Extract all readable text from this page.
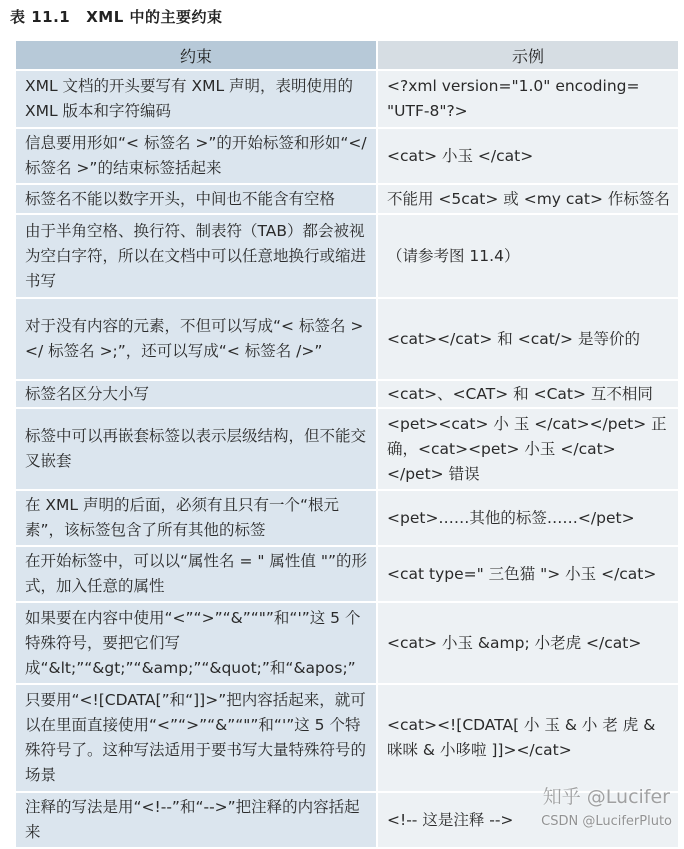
表 11.1 XML 中的主要约束
约束	示例
XML 文档的开头要写有 XML 声明，表明使用的 XML 版本和字符编码	<?xml version="1.0" encoding= "UTF-8"?>
信息要用形如“< 标签名 >”的开始标签和形如“</ 标签名 >”的结束标签括起来	<cat> 小玉 </cat>
标签名不能以数字开头，中间也不能含有空格	不能用 <5cat> 或 <my cat> 作标签名
由于半角空格、换行符、制表符（TAB）都会被视为空白字符，所以在文档中可以任意地换行或缩进书写	（请参考图 11.4）
对于没有内容的元素，不但可以写成“< 标签名 ></ 标签名 >;”，还可以写成“< 标签名 />”	<cat></cat> 和 <cat/> 是等价的
标签名区分大小写	<cat>、<CAT> 和 <Cat> 互不相同
标签中可以再嵌套标签以表示层级结构，但不能交叉嵌套	<pet><cat> 小 玉 </cat></pet> 正确，<cat><pet> 小玉 </cat></pet> 错误
在 XML 声明的后面，必须有且只有一个“根元素”，该标签包含了所有其他的标签	<pet>……其他的标签……</pet>
在开始标签中，可以以“属性名 = " 属性值 "”的形式，加入任意的属性	<cat type=" 三色猫 "> 小玉 </cat>
如果要在内容中使用“<”“>”“&”“"”和“'”这 5 个特殊符号，要把它们写成“&lt;”“&gt;”“&amp;”“&quot;”和“&apos;”	<cat> 小玉 &amp; 小老虎 </cat>
只要用“<![CDATA[”和“]]>”把内容括起来，就可以在里面直接使用“<”“>”“&”“"”和“'”这 5 个特殊符号了。这种写法适用于要书写大量特殊符号的场景	<cat><![CDATA[ 小 玉 & 小 老 虎 & 咪咪 & 小哆啦 ]]></cat>
注释的写法是用“<!--”和“-->”把注释的内容括起来	<!-- 这是注释 -->
知乎 @Lucifer
CSDN @LuciferPluto
